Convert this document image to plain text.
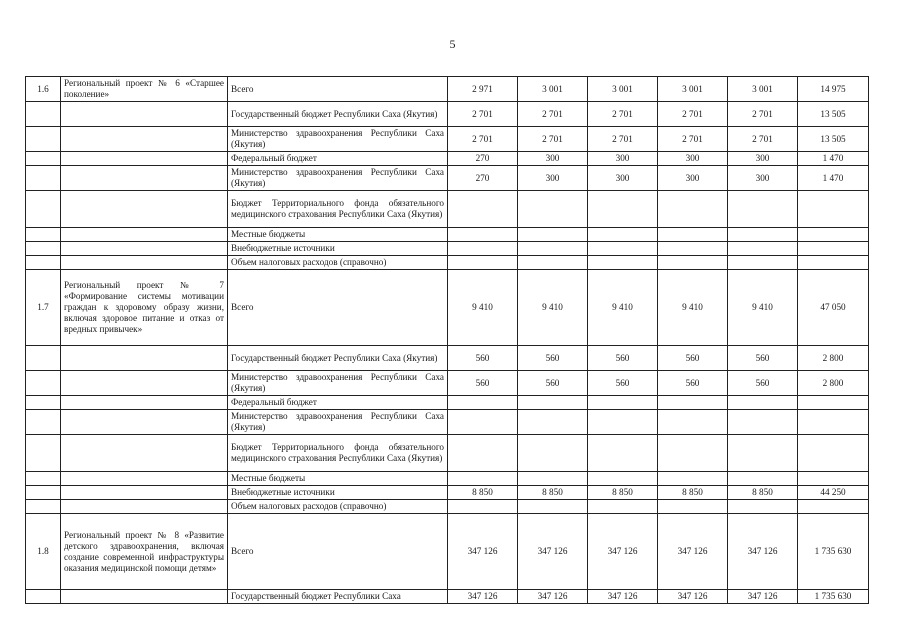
5
1.6	Региональный проект № 6 «Старшее поколение»	Всего	2 971	3 001	3 001	3 001	3 001	14 975
		Государственный бюджет Республики Саха (Якутия)	2 701	2 701	2 701	2 701	2 701	13 505
		Министерство здравоохранения Республики Саха (Якутия)	2 701	2 701	2 701	2 701	2 701	13 505
		Федеральный бюджет	270	300	300	300	300	1 470
		Министерство здравоохранения Республики Саха (Якутия)	270	300	300	300	300	1 470
		Бюджет Территориального фонда обязательного медицинского страхования Республики Саха (Якутия)						
		Местные бюджеты						
		Внебюджетные источники						
		Объем налоговых расходов (справочно)						
1.7	Региональный проект № 7 «Формирование системы мотивации граждан к здоровому образу жизни, включая здоровое питание и отказ от вредных привычек»	Всего	9 410	9 410	9 410	9 410	9 410	47 050
		Государственный бюджет Республики Саха (Якутия)	560	560	560	560	560	2 800
		Министерство здравоохранения Республики Саха (Якутия)	560	560	560	560	560	2 800
		Федеральный бюджет						
		Министерство здравоохранения Республики Саха (Якутия)						
		Бюджет Территориального фонда обязательного медицинского страхования Республики Саха (Якутия)						
		Местные бюджеты						
		Внебюджетные источники	8 850	8 850	8 850	8 850	8 850	44 250
		Объем налоговых расходов (справочно)						
1.8	Региональный проект № 8 «Развитие детского здравоохранения, включая создание современной инфраструктуры оказания медицинской помощи детям»	Всего	347 126	347 126	347 126	347 126	347 126	1 735 630
		Государственный бюджет Республики Саха	347 126	347 126	347 126	347 126	347 126	1 735 630
